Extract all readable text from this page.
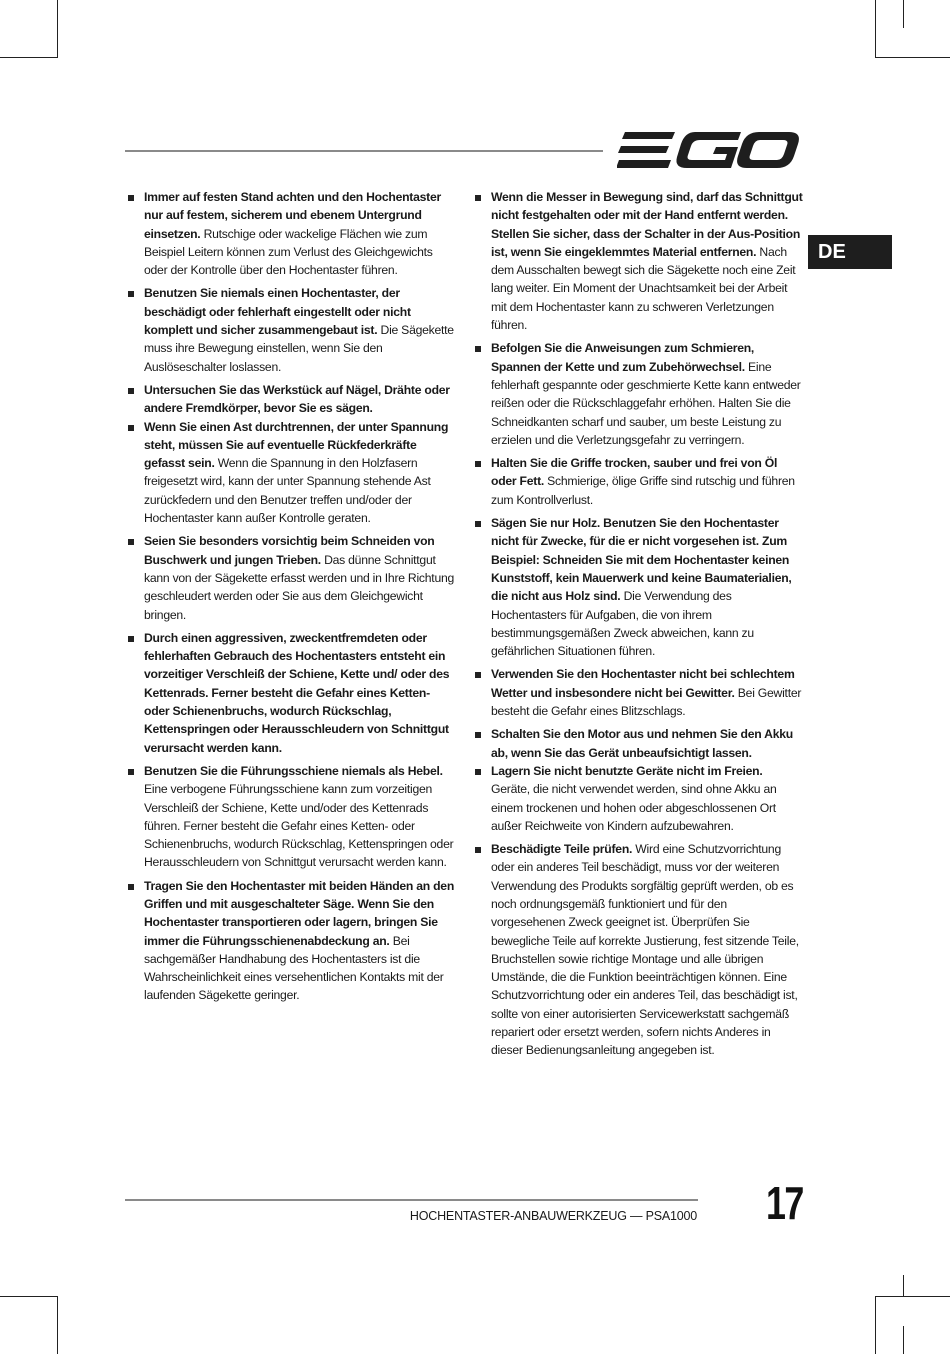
DE
Immer auf festen Stand achten und den Hochentaster nur auf festem, sicherem und ebenem Untergrund einsetzen. Rutschige oder wackelige Flächen wie zum Beispiel Leitern können zum Verlust des Gleichgewichts oder der Kontrolle über den Hochentaster führen.
Benutzen Sie niemals einen Hochentaster, der beschädigt oder fehlerhaft eingestellt oder nicht komplett und sicher zusammengebaut ist. Die Sägekette muss ihre Bewegung einstellen, wenn Sie den Auslöseschalter loslassen.
Untersuchen Sie das Werkstück auf Nägel, Drähte oder andere Fremdkörper, bevor Sie es sägen.
Wenn Sie einen Ast durchtrennen, der unter Spannung steht, müssen Sie auf eventuelle Rückfederkräfte gefasst sein. Wenn die Spannung in den Holzfasern freigesetzt wird, kann der unter Spannung stehende Ast zurückfedern und den Benutzer treffen und/oder der Hochentaster kann außer Kontrolle geraten.
Seien Sie besonders vorsichtig beim Schneiden von Buschwerk und jungen Trieben. Das dünne Schnittgut kann von der Sägekette erfasst werden und in Ihre Richtung geschleudert werden oder Sie aus dem Gleichgewicht bringen.
Durch einen aggressiven, zweckentfremdeten oder fehlerhaften Gebrauch des Hochentasters entsteht ein vorzeitiger Verschleiß der Schiene, Kette und/ oder des Kettenrads. Ferner besteht die Gefahr eines Ketten- oder Schienenbruchs, wodurch Rückschlag, Kettenspringen oder Herausschleudern von Schnittgut verursacht werden kann.
Benutzen Sie die Führungsschiene niemals als Hebel. Eine verbogene Führungsschiene kann zum vorzeitigen Verschleiß der Schiene, Kette und/oder des Kettenrads führen. Ferner besteht die Gefahr eines Ketten- oder Schienenbruchs, wodurch Rückschlag, Kettenspringen oder Herausschleudern von Schnittgut verursacht werden kann.
Tragen Sie den Hochentaster mit beiden Händen an den Griffen und mit ausgeschalteter Säge. Wenn Sie den Hochentaster transportieren oder lagern, bringen Sie immer die Führungsschienenabdeckung an. Bei sachgemäßer Handhabung des Hochentasters ist die Wahrscheinlichkeit eines versehentlichen Kontakts mit der laufenden Sägekette geringer.
Wenn die Messer in Bewegung sind, darf das Schnittgut nicht festgehalten oder mit der Hand entfernt werden. Stellen Sie sicher, dass der Schalter in der Aus-Position ist, wenn Sie eingeklemmtes Material entfernen. Nach dem Ausschalten bewegt sich die Sägekette noch eine Zeit lang weiter. Ein Moment der Unachtsamkeit bei der Arbeit mit dem Hochentaster kann zu schweren Verletzungen führen.
Befolgen Sie die Anweisungen zum Schmieren, Spannen der Kette und zum Zubehörwechsel. Eine fehlerhaft gespannte oder geschmierte Kette kann entweder reißen oder die Rückschlaggefahr erhöhen. Halten Sie die Schneidkanten scharf und sauber, um beste Leistung zu erzielen und die Verletzungsgefahr zu verringern.
Halten Sie die Griffe trocken, sauber und frei von Öl oder Fett. Schmierige, ölige Griffe sind rutschig und führen zum Kontrollverlust.
Sägen Sie nur Holz. Benutzen Sie den Hochentaster nicht für Zwecke, für die er nicht vorgesehen ist. Zum Beispiel: Schneiden Sie mit dem Hochentaster keinen Kunststoff, kein Mauerwerk und keine Baumaterialien, die nicht aus Holz sind. Die Verwendung des Hochentasters für Aufgaben, die von ihrem bestimmungsgemäßen Zweck abweichen, kann zu gefährlichen Situationen führen.
Verwenden Sie den Hochentaster nicht bei schlechtem Wetter und insbesondere nicht bei Gewitter. Bei Gewitter besteht die Gefahr eines Blitzschlags.
Schalten Sie den Motor aus und nehmen Sie den Akku ab, wenn Sie das Gerät unbeaufsichtigt lassen.
Lagern Sie nicht benutzte Geräte nicht im Freien. Geräte, die nicht verwendet werden, sind ohne Akku an einem trockenen und hohen oder abgeschlossenen Ort außer Reichweite von Kindern aufzubewahren.
Beschädigte Teile prüfen. Wird eine Schutzvorrichtung oder ein anderes Teil beschädigt, muss vor der weiteren Verwendung des Produkts sorgfältig geprüft werden, ob es noch ordnungsgemäß funktioniert und für den vorgesehenen Zweck geeignet ist. Überprüfen Sie bewegliche Teile auf korrekte Justierung, fest sitzende Teile, Bruchstellen sowie richtige Montage und alle übrigen Umstände, die die Funktion beeinträchtigen können. Eine Schutzvorrichtung oder ein anderes Teil, das beschädigt ist, sollte von einer autorisierten Servicewerkstatt sachgemäß repariert oder ersetzt werden, sofern nichts Anderes in dieser Bedienungsanleitung angegeben ist.
HOCHENTASTER-ANBAUWERKZEUG — PSA1000 17
